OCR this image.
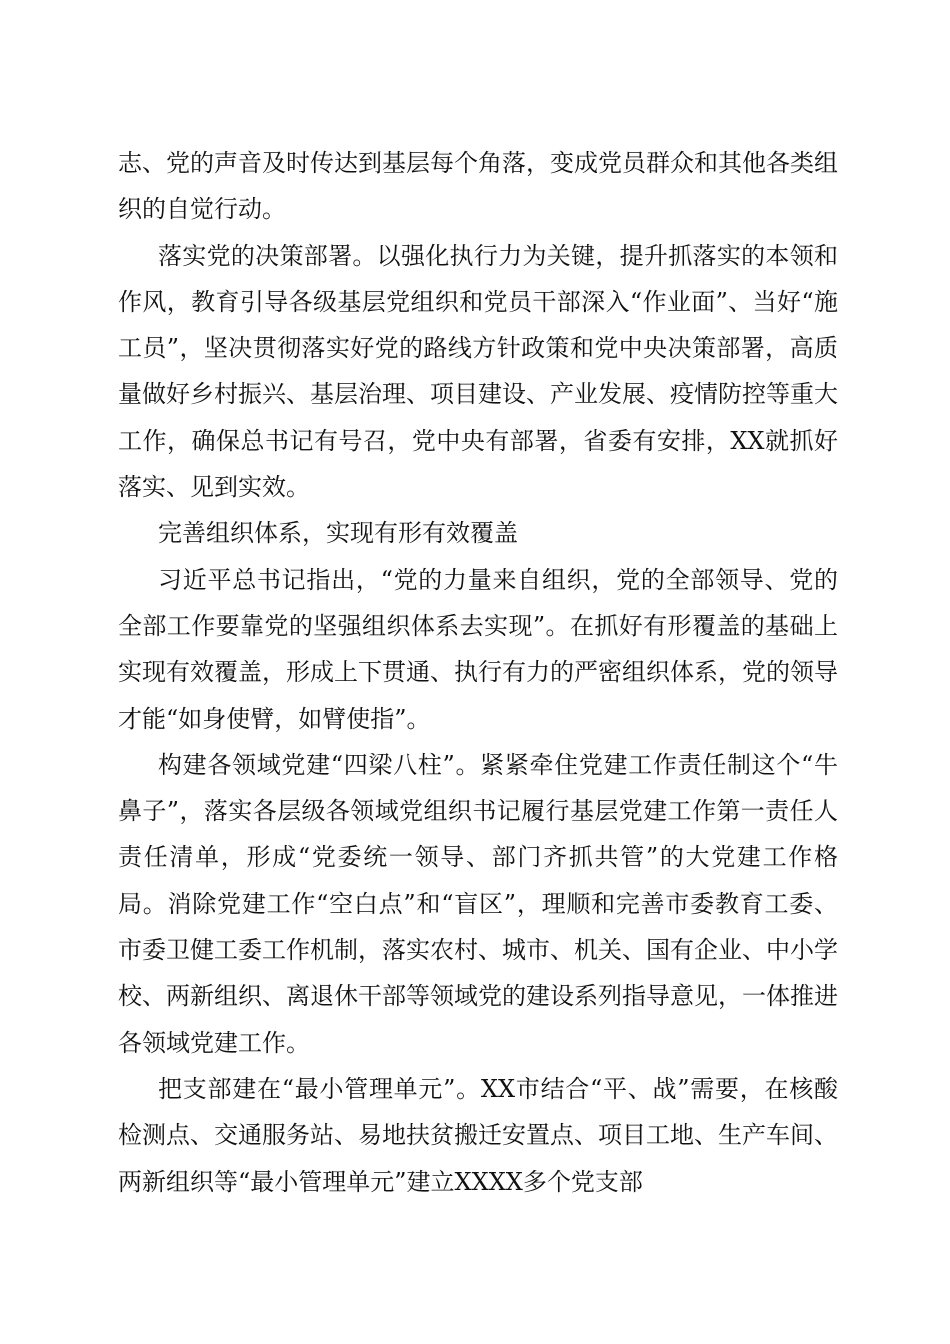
志、党的声音及时传达到基层每个角落，变成党员群众和其他各类组织的自觉行动。

落实党的决策部署。以强化执行力为关键，提升抓落实的本领和作风，教育引导各级基层党组织和党员干部深入“作业面”、当好“施工员”，坚决贯彻落实好党的路线方针政策和党中央决策部署，高质量做好乡村振兴、基层治理、项目建设、产业发展、疫情防控等重大工作，确保总书记有号召，党中央有部署，省委有安排，XX就抓好落实、见到实效。

完善组织体系，实现有形有效覆盖

习近平总书记指出，“党的力量来自组织，党的全部领导、党的全部工作要靠党的坚强组织体系去实现”。在抓好有形覆盖的基础上实现有效覆盖，形成上下贯通、执行有力的严密组织体系，党的领导才能“如身使臂，如臂使指”。

构建各领域党建“四梁八柱”。紧紧牵住党建工作责任制这个“牛鼻子”，落实各层级各领域党组织书记履行基层党建工作第一责任人责任清单，形成“党委统一领导、部门齐抓共管”的大党建工作格局。消除党建工作“空白点”和“盲区”，理顺和完善市委教育工委、市委卫健工委工作机制，落实农村、城市、机关、国有企业、中小学校、两新组织、离退休干部等领域党的建设系列指导意见，一体推进各领域党建工作。

把支部建在“最小管理单元”。XX市结合“平、战”需要，在核酸检测点、交通服务站、易地扶贫搬迁安置点、项目工地、生产车间、两新组织等“最小管理单元”建立XXXX多个党支部
